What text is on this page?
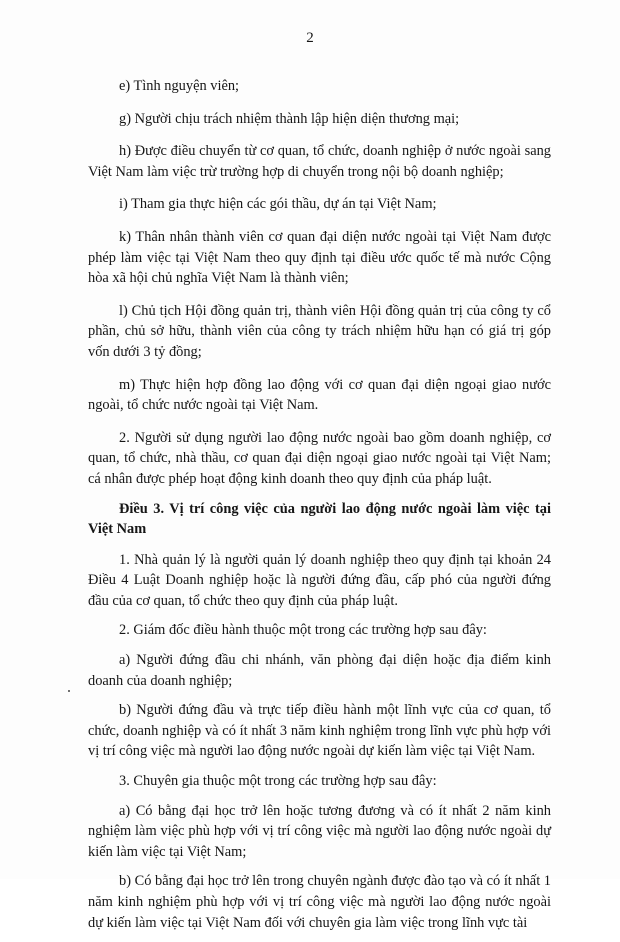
2

e) Tình nguyện viên;

g) Người chịu trách nhiệm thành lập hiện diện thương mại;

h) Được điều chuyển từ cơ quan, tổ chức, doanh nghiệp ở nước ngoài sang Việt Nam làm việc trừ trường hợp di chuyển trong nội bộ doanh nghiệp;

i) Tham gia thực hiện các gói thầu, dự án tại Việt Nam;

k) Thân nhân thành viên cơ quan đại diện nước ngoài tại Việt Nam được phép làm việc tại Việt Nam theo quy định tại điều ước quốc tế mà nước Cộng hòa xã hội chủ nghĩa Việt Nam là thành viên;

l) Chủ tịch Hội đồng quản trị, thành viên Hội đồng quản trị của công ty cổ phần, chủ sở hữu, thành viên của công ty trách nhiệm hữu hạn có giá trị góp vốn dưới 3 tỷ đồng;

m) Thực hiện hợp đồng lao động với cơ quan đại diện ngoại giao nước ngoài, tổ chức nước ngoài tại Việt Nam.

2. Người sử dụng người lao động nước ngoài bao gồm doanh nghiệp, cơ quan, tổ chức, nhà thầu, cơ quan đại diện ngoại giao nước ngoài tại Việt Nam; cá nhân được phép hoạt động kinh doanh theo quy định của pháp luật.

Điều 3. Vị trí công việc của người lao động nước ngoài làm việc tại Việt Nam

1. Nhà quản lý là người quản lý doanh nghiệp theo quy định tại khoản 24 Điều 4 Luật Doanh nghiệp hoặc là người đứng đầu, cấp phó của người đứng đầu của cơ quan, tổ chức theo quy định của pháp luật.

2. Giám đốc điều hành thuộc một trong các trường hợp sau đây:

a) Người đứng đầu chi nhánh, văn phòng đại diện hoặc địa điểm kinh doanh của doanh nghiệp;

b) Người đứng đầu và trực tiếp điều hành một lĩnh vực của cơ quan, tổ chức, doanh nghiệp và có ít nhất 3 năm kinh nghiệm trong lĩnh vực phù hợp với vị trí công việc mà người lao động nước ngoài dự kiến làm việc tại Việt Nam.

3. Chuyên gia thuộc một trong các trường hợp sau đây:

a) Có bằng đại học trở lên hoặc tương đương và có ít nhất 2 năm kinh nghiệm làm việc phù hợp với vị trí công việc mà người lao động nước ngoài dự kiến làm việc tại Việt Nam;

b) Có bằng đại học trở lên trong chuyên ngành được đào tạo và có ít nhất 1 năm kinh nghiệm phù hợp với vị trí công việc mà người lao động nước ngoài dự kiến làm việc tại Việt Nam đối với chuyên gia làm việc trong lĩnh vực tài
